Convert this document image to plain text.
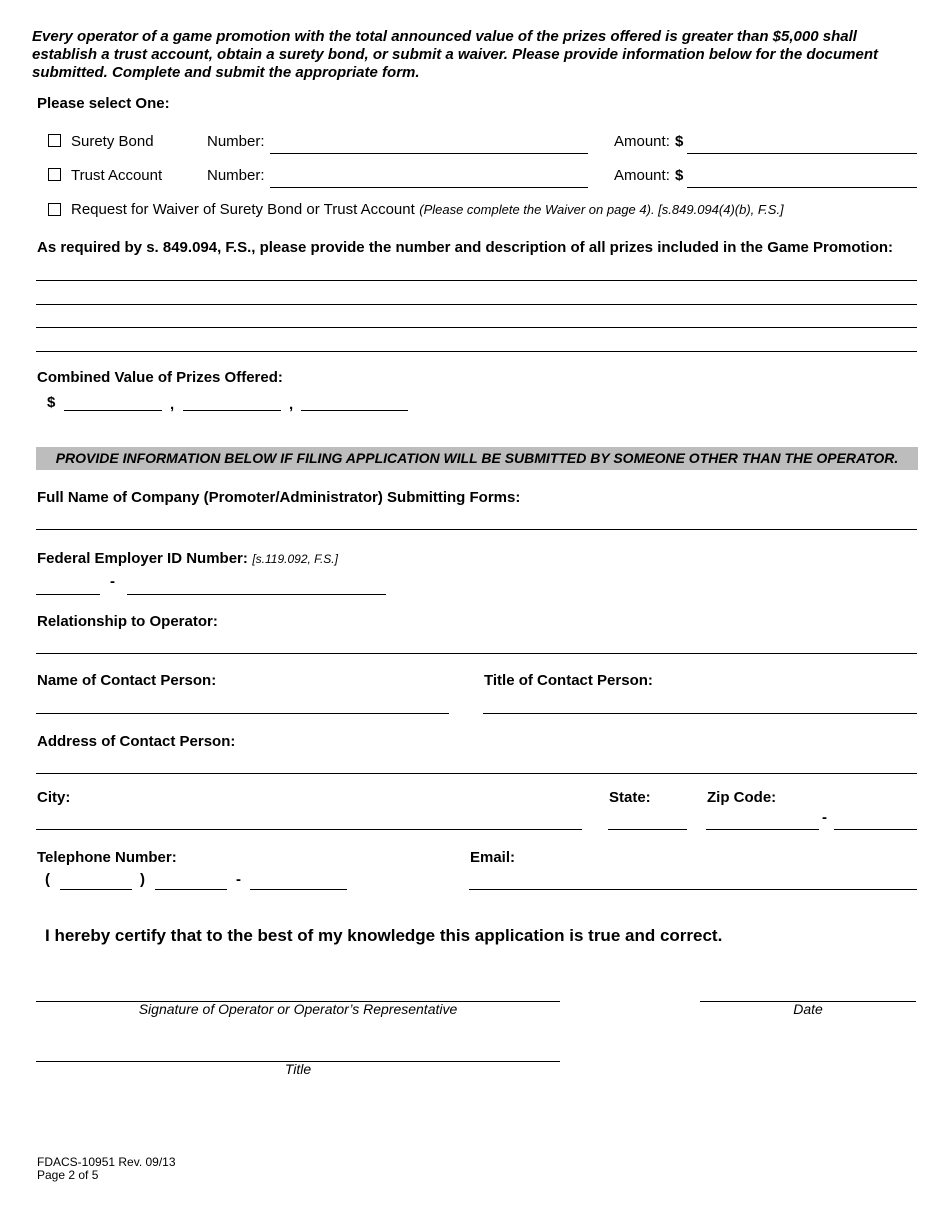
Every operator of a game promotion with the total announced value of the prizes offered is greater than $5,000 shall establish a trust account, obtain a surety bond, or submit a waiver. Please provide information below for the document submitted. Complete and submit the appropriate form.
Please select One:
Surety Bond	Number:	Amount: $
Trust Account	Number:	Amount: $
Request for Waiver of Surety Bond or Trust Account (Please complete the Waiver on page 4). [s.849.094(4)(b), F.S.]
As required by s. 849.094, F.S., please provide the number and description of all prizes included in the Game Promotion:
Combined Value of Prizes Offered:
$	,	,
PROVIDE INFORMATION BELOW IF FILING APPLICATION WILL BE SUBMITTED BY SOMEONE OTHER THAN THE OPERATOR.
Full Name of Company (Promoter/Administrator) Submitting Forms:
Federal Employer ID Number: [s.119.092, F.S.]
-
Relationship to Operator:
Name of Contact Person:	Title of Contact Person:
Address of Contact Person:
City:	State:	Zip Code:
-
Telephone Number:
(	)	-
Email:
I hereby certify that to the best of my knowledge this application is true and correct.
Signature of Operator or Operator’s Representative	Date
Title
FDACS-10951 Rev. 09/13
Page 2 of 5
